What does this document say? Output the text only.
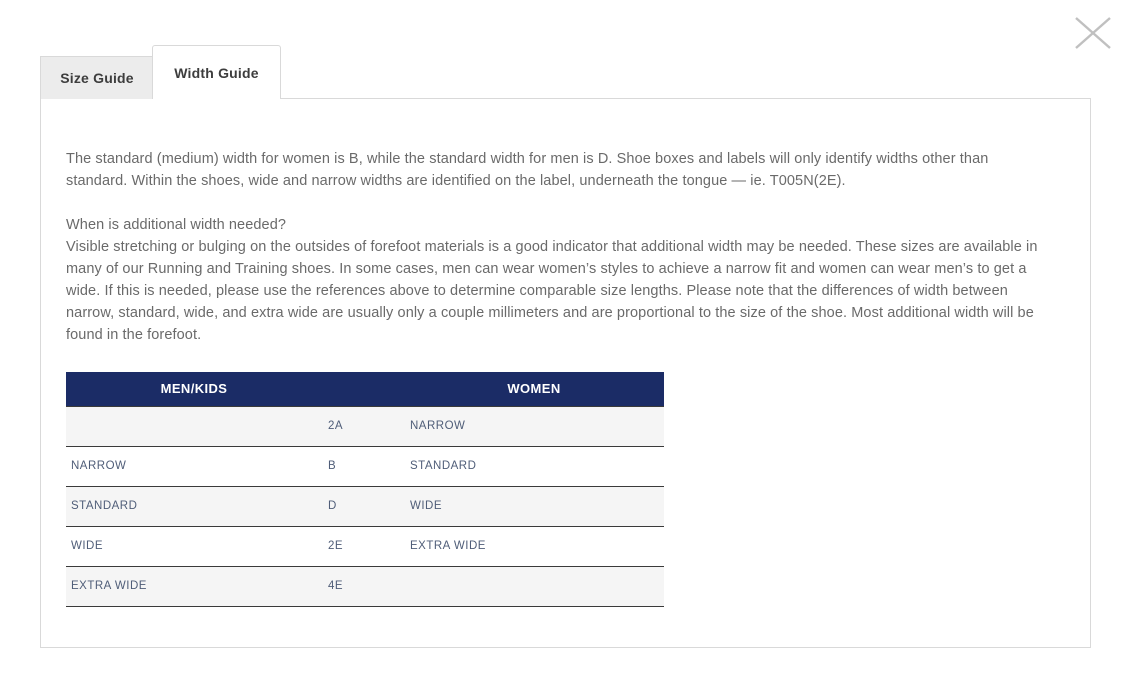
Size Guide	Width Guide

The standard (medium) width for women is B, while the standard width for men is D. Shoe boxes and labels will only identify widths other than standard. Within the shoes, wide and narrow widths are identified on the label, underneath the tongue — ie. T005N(2E).

When is additional width needed?
Visible stretching or bulging on the outsides of forefoot materials is a good indicator that additional width may be needed. These sizes are available in many of our Running and Training shoes. In some cases, men can wear women’s styles to achieve a narrow fit and women can wear men’s to get a wide. If this is needed, please use the references above to determine comparable size lengths. Please note that the differences of width between narrow, standard, wide, and extra wide are usually only a couple millimeters and are proportional to the size of the shoe. Most additional width will be found in the forefoot.
MEN/KIDS		WOMEN
	2A	NARROW
NARROW	B	STANDARD
STANDARD	D	WIDE
WIDE	2E	EXTRA WIDE
EXTRA WIDE	4E	
